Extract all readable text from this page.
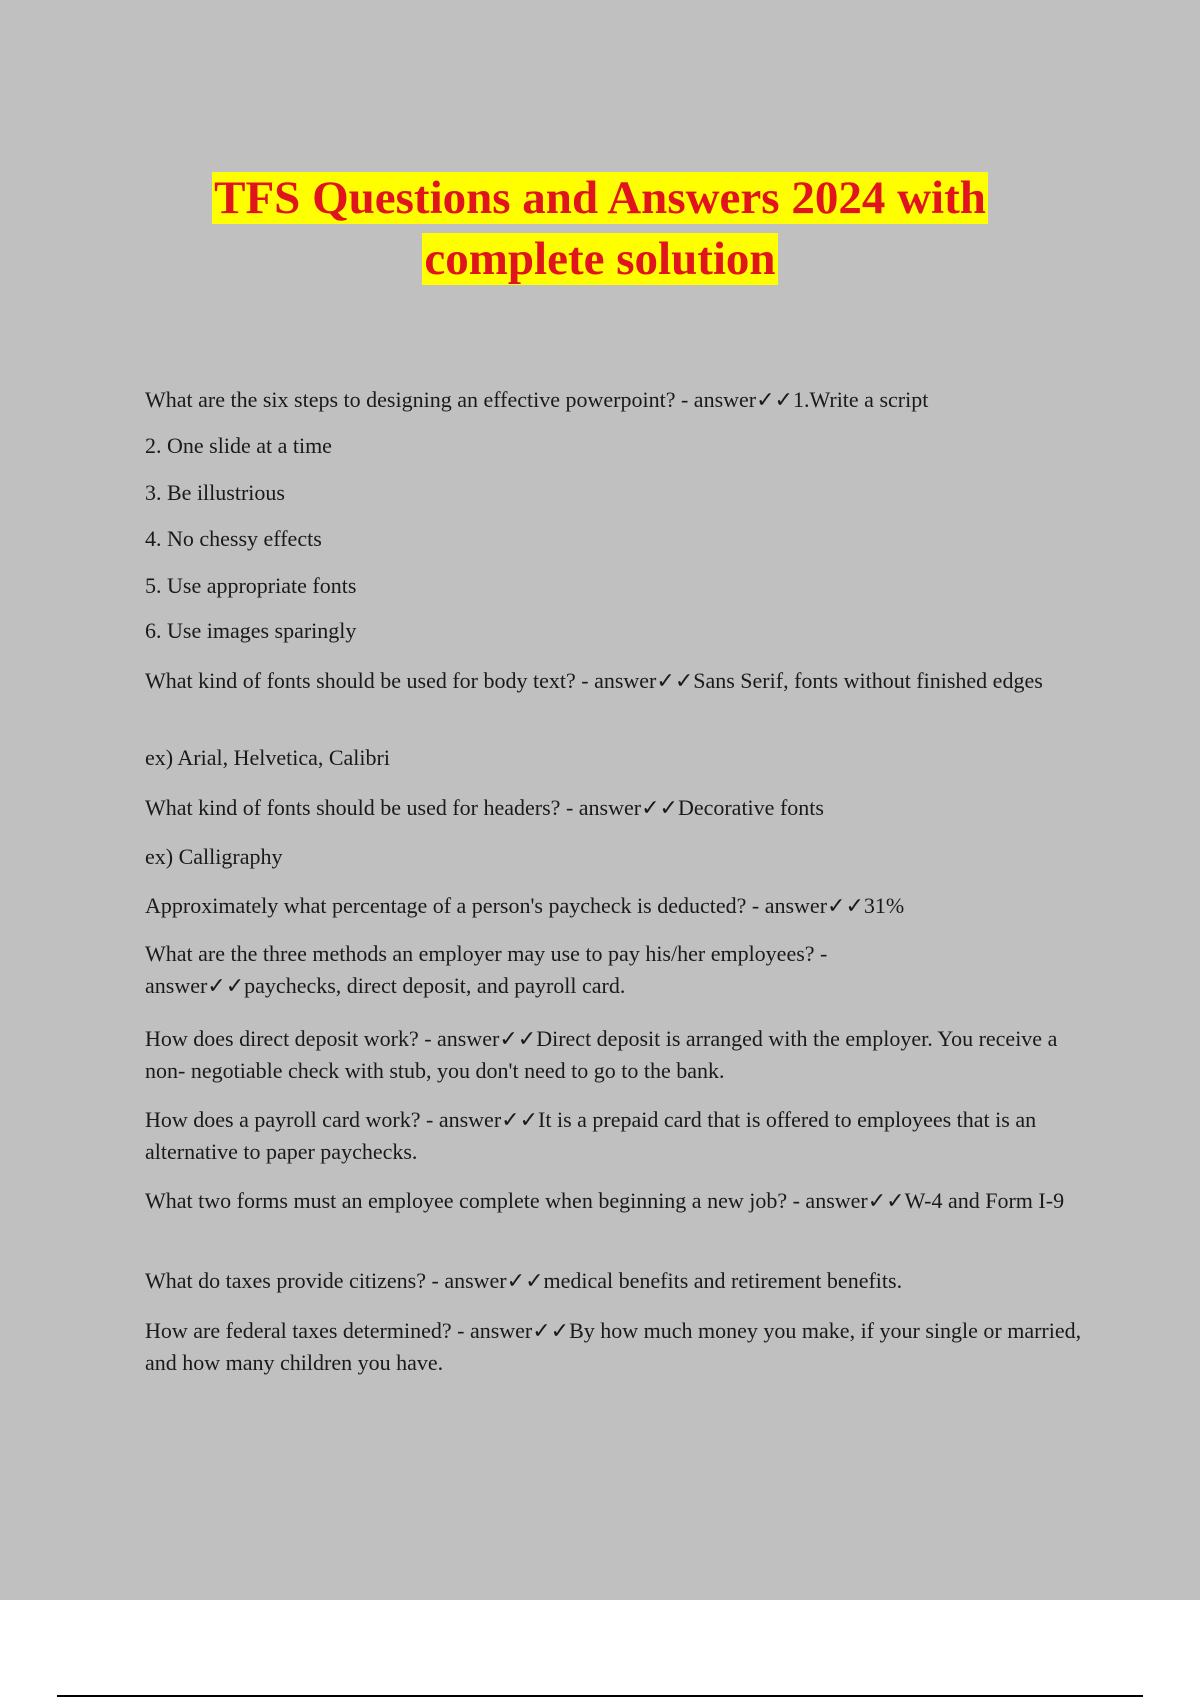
TFS Questions and Answers 2024 with
complete solution
What are the six steps to designing an effective powerpoint? - answer✓✓1.Write a script
2. One slide at a time
3. Be illustrious
4. No chessy effects
5. Use appropriate fonts
6. Use images sparingly
What kind of fonts should be used for body text? - answer✓✓Sans Serif, fonts without finished edges
ex) Arial, Helvetica, Calibri
What kind of fonts should be used for headers? - answer✓✓Decorative fonts
ex) Calligraphy
Approximately what percentage of a person's paycheck is deducted? - answer✓✓31%
What are the three methods an employer may use to pay his/her employees? - answer✓✓paychecks, direct deposit, and payroll card.
How does direct deposit work? - answer✓✓Direct deposit is arranged with the employer. You receive a non- negotiable check with stub, you don't need to go to the bank.
How does a payroll card work? - answer✓✓It is a prepaid card that is offered to employees that is an alternative to paper paychecks.
What two forms must an employee complete when beginning a new job? - answer✓✓W-4 and Form I-9
What do taxes provide citizens? - answer✓✓medical benefits and retirement benefits.
How are federal taxes determined? - answer✓✓By how much money you make, if your single or married, and how many children you have.
